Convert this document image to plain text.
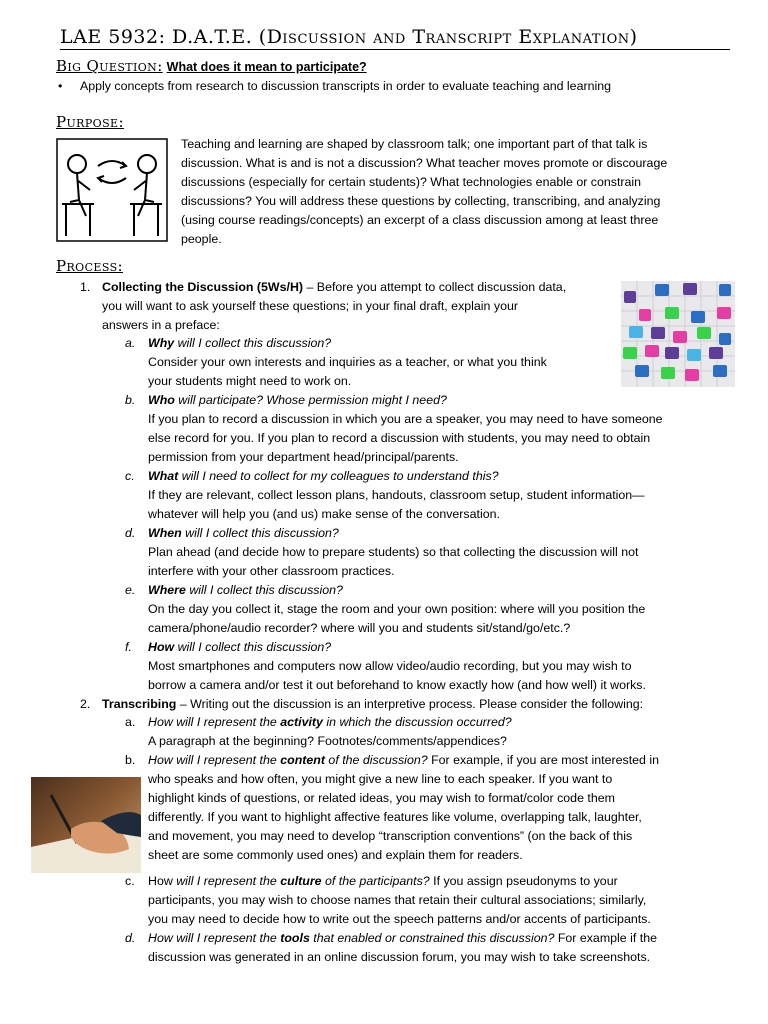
LAE 5932: D.A.T.E. (Discussion and Transcript Explanation)
Big Question: What does it mean to participate?
• Apply concepts from research to discussion transcripts in order to evaluate teaching and learning
Purpose:
Teaching and learning are shaped by classroom talk; one important part of that talk is
discussion. What is and is not a discussion? What teacher moves promote or discourage
discussions (especially for certain students)? What technologies enable or constrain
discussions? You will address these questions by collecting, transcribing, and analyzing
(using course readings/concepts) an excerpt of a class discussion among at least three
people.
Process:
1. Collecting the Discussion (5Ws/H) – Before you attempt to collect discussion data,
you will want to ask yourself these questions; in your final draft, explain your
answers in a preface:
a. Why will I collect this discussion?
Consider your own interests and inquiries as a teacher, or what you think
your students might need to work on.
b. Who will participate? Whose permission might I need?
If you plan to record a discussion in which you are a speaker, you may need to have someone
else record for you. If you plan to record a discussion with students, you may need to obtain
permission from your department head/principal/parents.
c. What will I need to collect for my colleagues to understand this?
If they are relevant, collect lesson plans, handouts, classroom setup, student information—
whatever will help you (and us) make sense of the conversation.
d. When will I collect this discussion?
Plan ahead (and decide how to prepare students) so that collecting the discussion will not
interfere with your other classroom practices.
e. Where will I collect this discussion?
On the day you collect it, stage the room and your own position: where will you position the
camera/phone/audio recorder? where will you and students sit/stand/go/etc.?
f. How will I collect this discussion?
Most smartphones and computers now allow video/audio recording, but you may wish to
borrow a camera and/or test it out beforehand to know exactly how (and how well) it works.
2. Transcribing – Writing out the discussion is an interpretive process. Please consider the following:
a. How will I represent the activity in which the discussion occurred?
A paragraph at the beginning? Footnotes/comments/appendices?
b. How will I represent the content of the discussion? For example, if you are most interested in
who speaks and how often, you might give a new line to each speaker. If you want to
highlight kinds of questions, or related ideas, you may wish to format/color code them
differently. If you want to highlight affective features like volume, overlapping talk, laughter,
and movement, you may need to develop “transcription conventions” (on the back of this
sheet are some commonly used ones) and explain them for readers.
c. How will I represent the culture of the participants? If you assign pseudonyms to your
participants, you may wish to choose names that retain their cultural associations; similarly,
you may need to decide how to write out the speech patterns and/or accents of participants.
d. How will I represent the tools that enabled or constrained this discussion? For example if the
discussion was generated in an online discussion forum, you may wish to take screenshots.
